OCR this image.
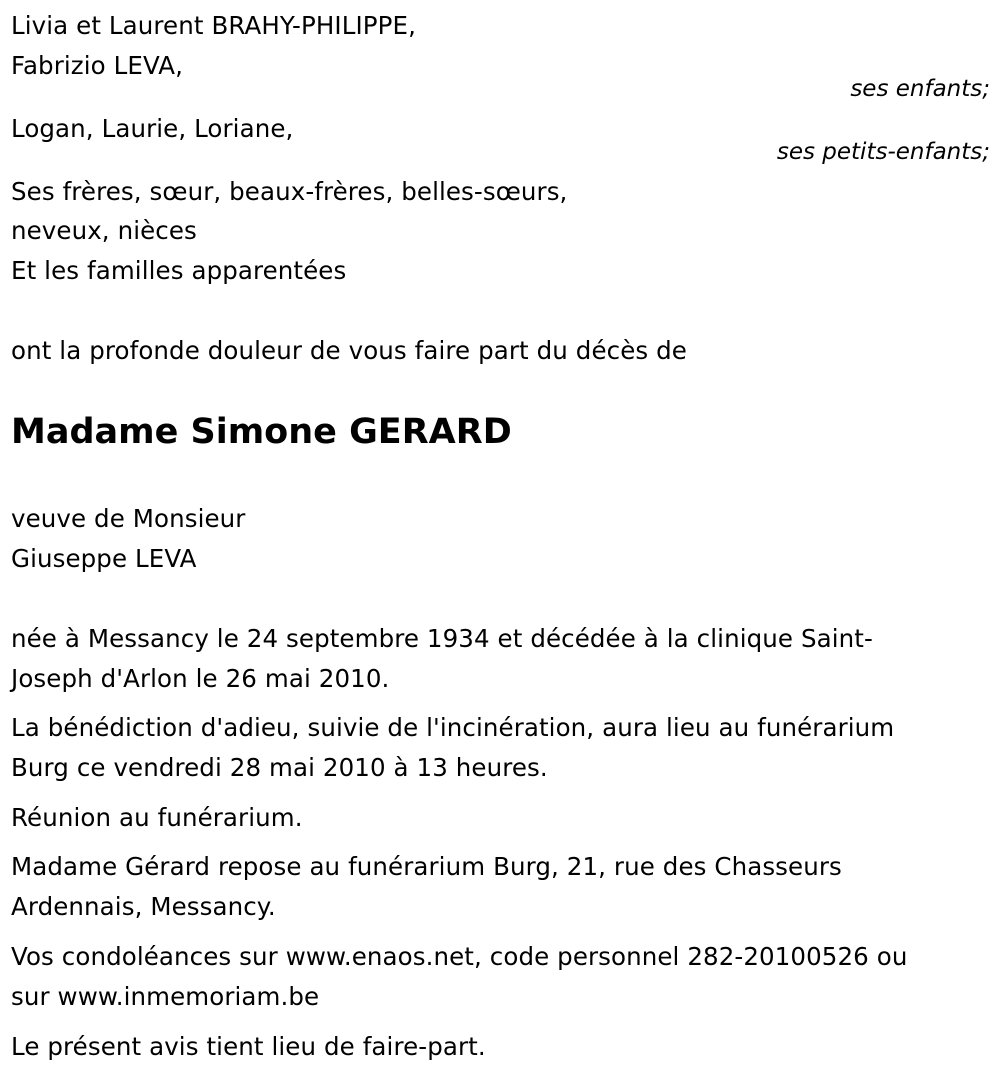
Livia et Laurent BRAHY-PHILIPPE,
Fabrizio LEVA,
ses enfants;
Logan, Laurie, Loriane,
ses petits-enfants;
Ses frères, sœur, beaux-frères, belles-sœurs,
neveux, nièces
Et les familles apparentées
ont la profonde douleur de vous faire part du décès de
Madame Simone GERARD
veuve de Monsieur
Giuseppe LEVA
née à Messancy le 24 septembre 1934 et décédée à la clinique Saint-
Joseph d'Arlon le 26 mai 2010.
La bénédiction d'adieu, suivie de l'incinération, aura lieu au funérarium
Burg ce vendredi 28 mai 2010 à 13 heures.
Réunion au funérarium.
Madame Gérard repose au funérarium Burg, 21, rue des Chasseurs
Ardennais, Messancy.
Vos condoléances sur www.enaos.net, code personnel 282-20100526 ou
sur www.inmemoriam.be
Le présent avis tient lieu de faire-part.
